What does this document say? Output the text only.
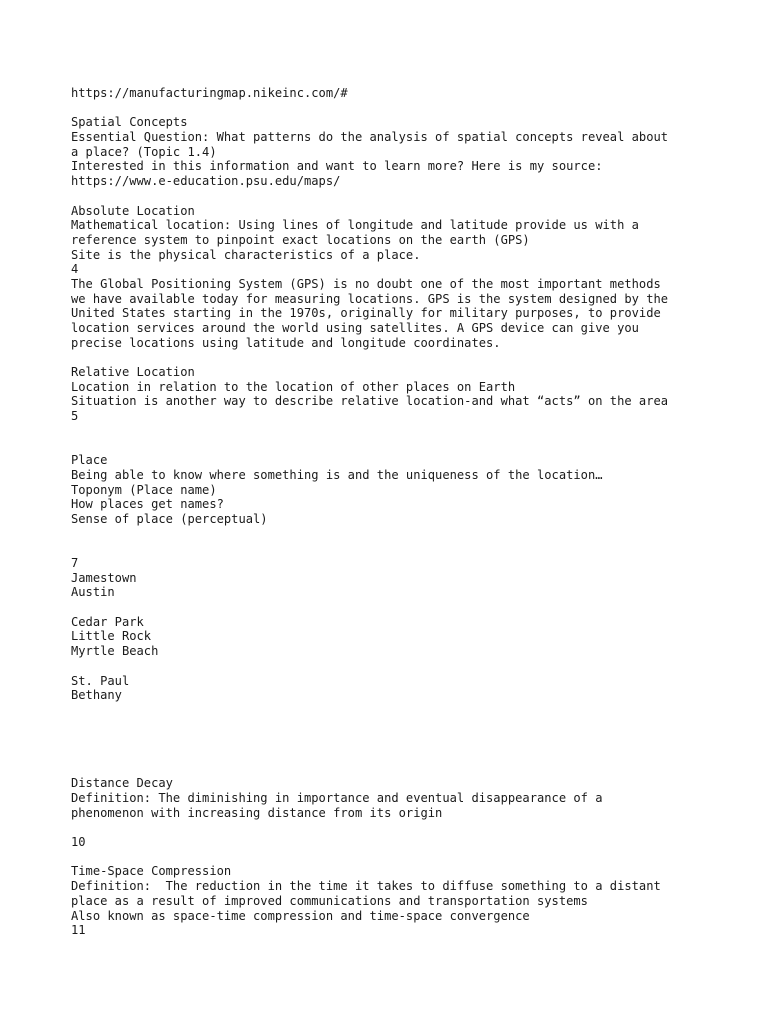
https://manufacturingmap.nikeinc.com/#
Spatial Concepts
Essential Question: What patterns do the analysis of spatial concepts reveal about
a place? (Topic 1.4)
Interested in this information and want to learn more? Here is my source:
https://www.e-education.psu.edu/maps/
Absolute Location
Mathematical location: Using lines of longitude and latitude provide us with a
reference system to pinpoint exact locations on the earth (GPS)
Site is the physical characteristics of a place.
4
The Global Positioning System (GPS) is no doubt one of the most important methods
we have available today for measuring locations. GPS is the system designed by the
United States starting in the 1970s, originally for military purposes, to provide
location services around the world using satellites. A GPS device can give you
precise locations using latitude and longitude coordinates.
Relative Location
Location in relation to the location of other places on Earth
Situation is another way to describe relative location-and what “acts” on the area
5
Place
Being able to know where something is and the uniqueness of the location…
Toponym (Place name)
How places get names?
Sense of place (perceptual)
7
Jamestown
Austin
Cedar Park
Little Rock
Myrtle Beach
St. Paul
Bethany
Distance Decay
Definition: The diminishing in importance and eventual disappearance of a
phenomenon with increasing distance from its origin
10
Time-Space Compression
Definition:  The reduction in the time it takes to diffuse something to a distant
place as a result of improved communications and transportation systems
Also known as space-time compression and time-space convergence
11
